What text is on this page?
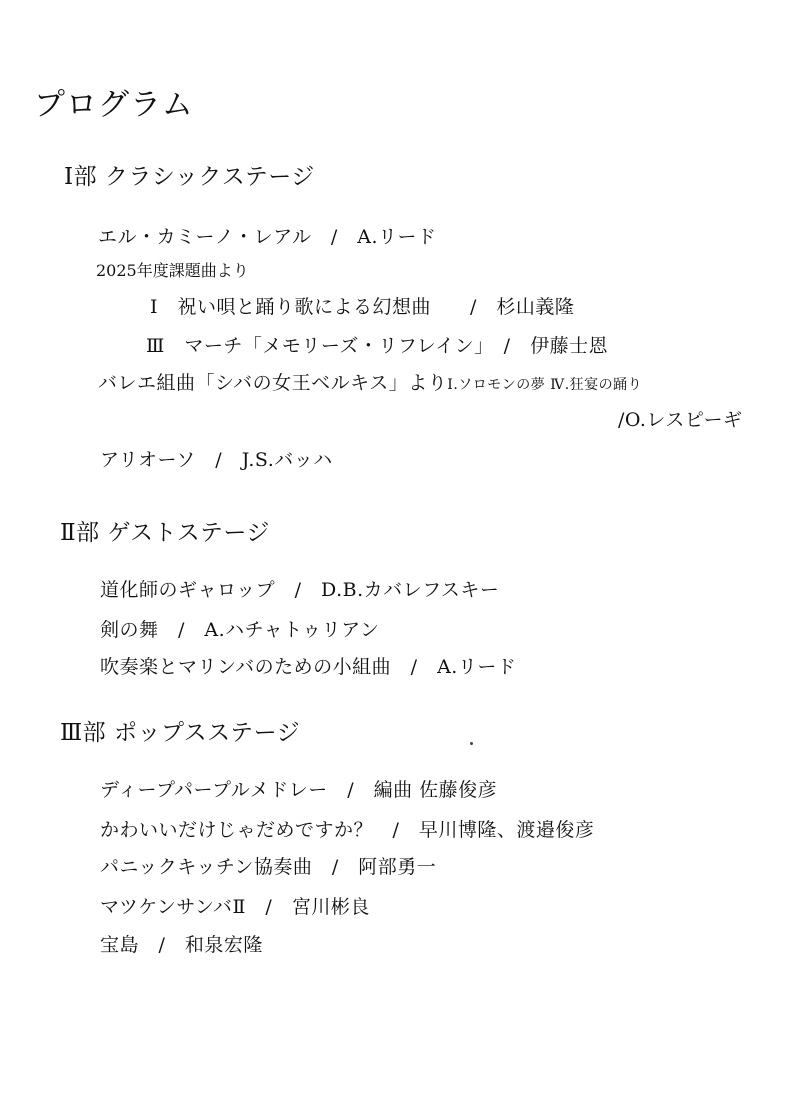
プログラム
Ⅰ部 クラシックステージ
エル・カミーノ・レアル　/　A.リード
2025年度課題曲より
Ⅰ　祝い唄と踊り歌による幻想曲　　/　杉山義隆
Ⅲ　マーチ「メモリーズ・リフレイン」　/　伊藤士恩
バレエ組曲「シバの女王ベルキス」よりⅠ.ソロモンの夢 Ⅳ.狂宴の踊り
/O.レスピーギ
アリオーソ　/　J.S.バッハ
Ⅱ部 ゲストステージ
道化師のギャロップ　/　D.B.カバレフスキー
剣の舞　/　A.ハチャトゥリアン
吹奏楽とマリンバのための小組曲　/　A.リード
Ⅲ部 ポップスステージ
ディープパープルメドレー　/　編曲 佐藤俊彦
かわいいだけじゃだめですか？　/　早川博隆、渡邉俊彦
パニックキッチン協奏曲　/　阿部勇一
マツケンサンバⅡ　/　宮川彬良
宝島　/　和泉宏隆
